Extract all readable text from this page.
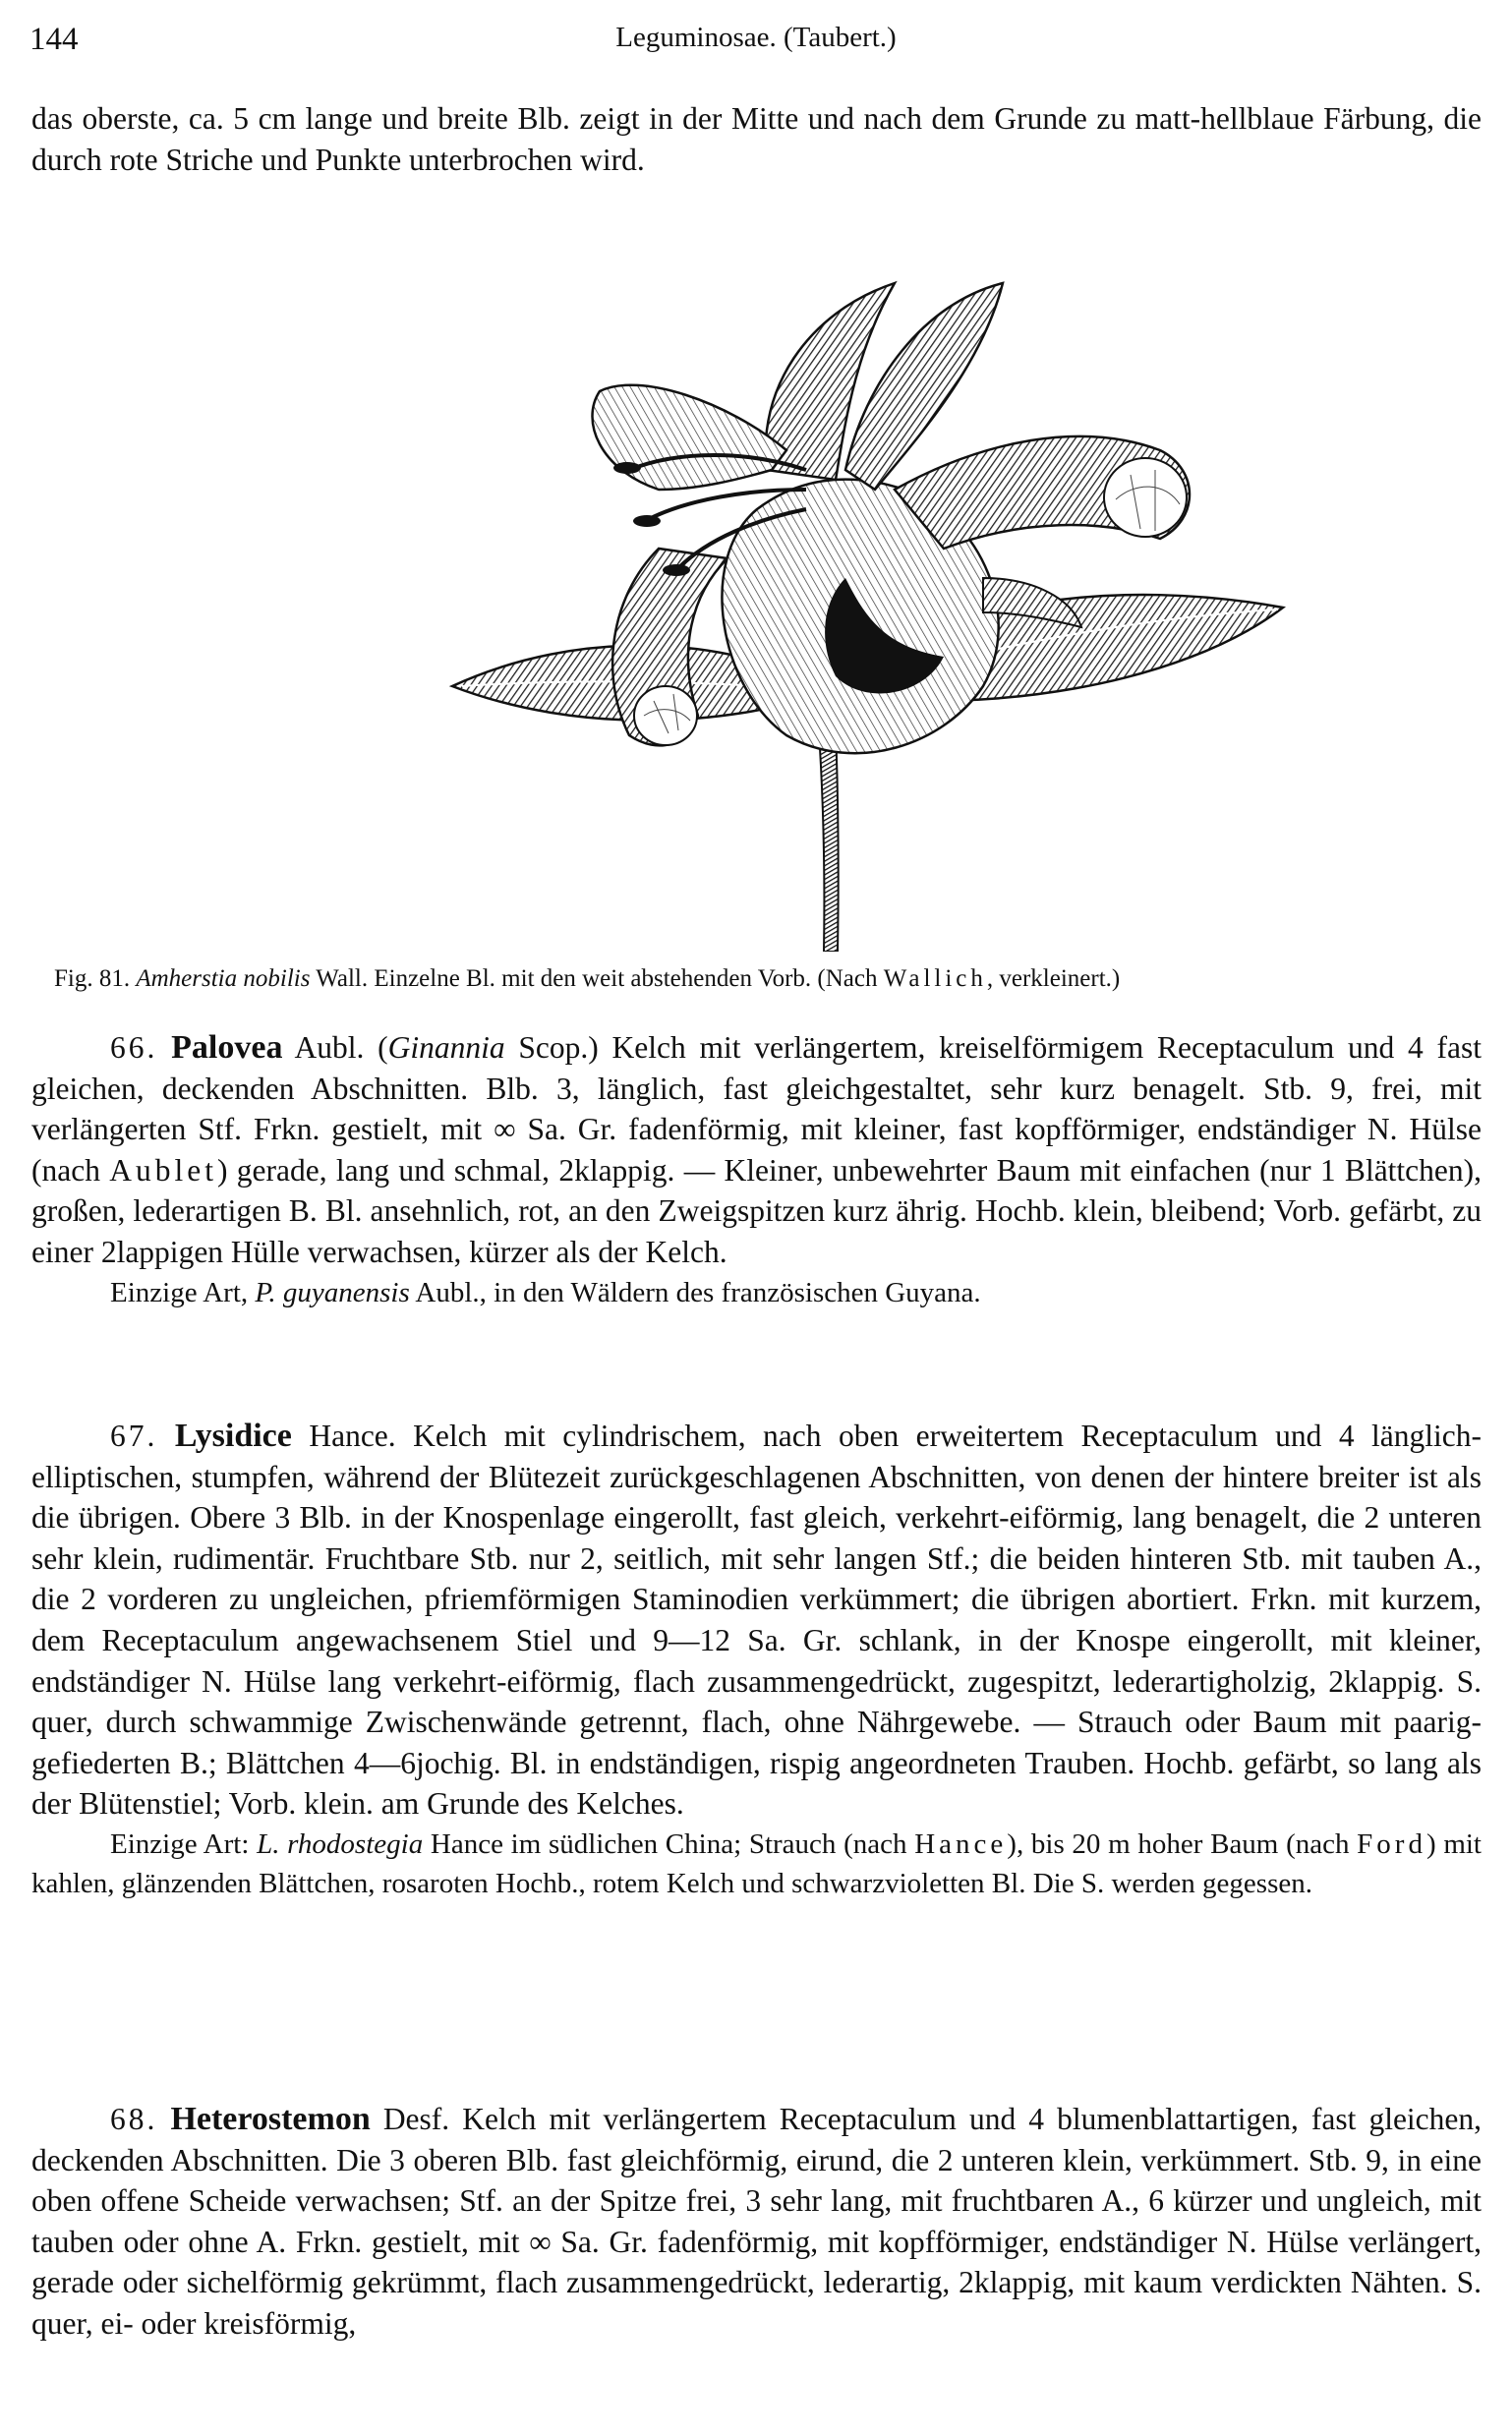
144	Leguminosae. (Taubert.)

das oberste, ca. 5 cm lange und breite Blb. zeigt in der Mitte und nach dem Grunde zu matt-hellblaue Färbung, die durch rote Striche und Punkte unterbrochen wird.

Fig. 81. Amherstia nobilis Wall. Einzelne Bl. mit den weit abstehenden Vorb. (Nach Wallich, verkleinert.)

66. Palovea Aubl. (Ginannia Scop.) Kelch mit verlängertem, kreiselförmigem Receptaculum und 4 fast gleichen, deckenden Abschnitten. Blb. 3, länglich, fast gleichgestaltet, sehr kurz benagelt. Stb. 9, frei, mit verlängerten Stf. Frkn. gestielt, mit ∞ Sa. Gr. fadenförmig, mit kleiner, fast kopfförmiger, endständiger N. Hülse (nach Aublet) gerade, lang und schmal, 2klappig. — Kleiner, unbewehrter Baum mit einfachen (nur 1 Blättchen), großen, lederartigen B. Bl. ansehnlich, rot, an den Zweigspitzen kurz ährig. Hochb. klein, bleibend; Vorb. gefärbt, zu einer 2lappigen Hülle verwachsen, kürzer als der Kelch.

Einzige Art, P. guyanensis Aubl., in den Wäldern des französischen Guyana.

67. Lysidice Hance. Kelch mit cylindrischem, nach oben erweitertem Receptaculum und 4 länglich-elliptischen, stumpfen, während der Blütezeit zurückgeschlagenen Abschnitten, von denen der hintere breiter ist als die übrigen. Obere 3 Blb. in der Knospenlage eingerollt, fast gleich, verkehrt-eiförmig, lang benagelt, die 2 unteren sehr klein, rudimentär. Fruchtbare Stb. nur 2, seitlich, mit sehr langen Stf.; die beiden hinteren Stb. mit tauben A., die 2 vorderen zu ungleichen, pfriemförmigen Staminodien verkümmert; die übrigen abortiert. Frkn. mit kurzem, dem Receptaculum angewachsenem Stiel und 9—12 Sa. Gr. schlank, in der Knospe eingerollt, mit kleiner, endständiger N. Hülse lang verkehrt-eiförmig, flach zusammengedrückt, zugespitzt, lederartigholzig, 2klappig. S. quer, durch schwammige Zwischenwände getrennt, flach, ohne Nährgewebe. — Strauch oder Baum mit paarig-gefiederten B.; Blättchen 4—6jochig. Bl. in endständigen, rispig angeordneten Trauben. Hochb. gefärbt, so lang als der Blütenstiel; Vorb. klein. am Grunde des Kelches.

Einzige Art: L. rhodostegia Hance im südlichen China; Strauch (nach Hance), bis 20 m hoher Baum (nach Ford) mit kahlen, glänzenden Blättchen, rosaroten Hochb., rotem Kelch und schwarzvioletten Bl. Die S. werden gegessen.

68. Heterostemon Desf. Kelch mit verlängertem Receptaculum und 4 blumenblattartigen, fast gleichen, deckenden Abschnitten. Die 3 oberen Blb. fast gleichförmig, eirund, die 2 unteren klein, verkümmert. Stb. 9, in eine oben offene Scheide verwachsen; Stf. an der Spitze frei, 3 sehr lang, mit fruchtbaren A., 6 kürzer und ungleich, mit tauben oder ohne A. Frkn. gestielt, mit ∞ Sa. Gr. fadenförmig, mit kopfförmiger, endständiger N. Hülse verlängert, gerade oder sichelförmig gekrümmt, flach zusammengedrückt, lederartig, 2klappig, mit kaum verdickten Nähten. S. quer, ei- oder kreisförmig,
